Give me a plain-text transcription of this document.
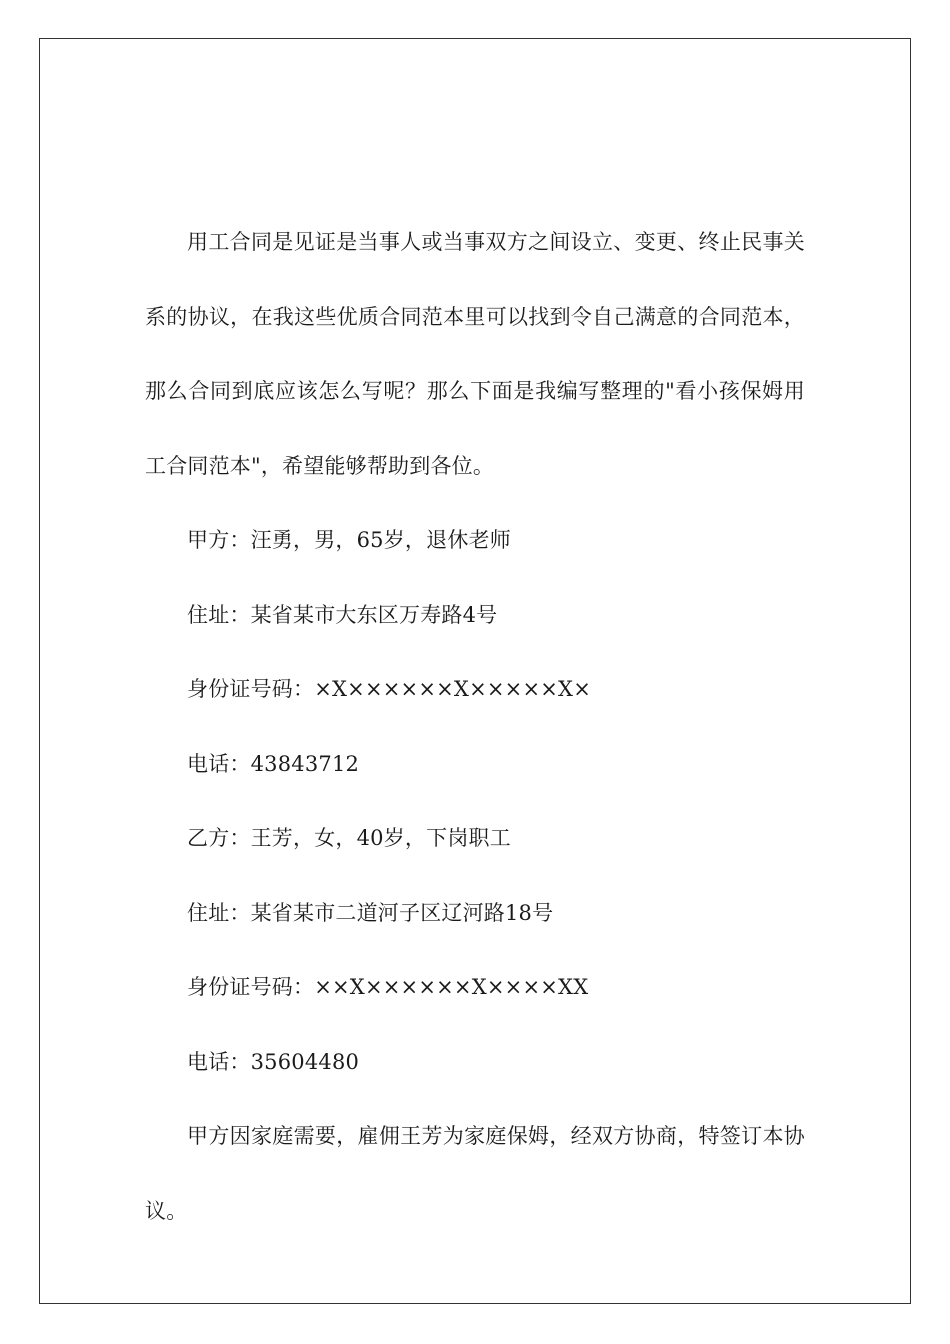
用工合同是见证是当事人或当事双方之间设立、变更、终止民事关系的协议，在我这些优质合同范本里可以找到令自己满意的合同范本，那么合同到底应该怎么写呢？那么下面是我编写整理的"看小孩保姆用工合同范本"，希望能够帮助到各位。

甲方：汪勇，男，65岁，退休老师

住址：某省某市大东区万寿路4号

身份证号码：×X××××××X×××××X×

电话：43843712

乙方：王芳，女，40岁，下岗职工

住址：某省某市二道河子区辽河路18号

身份证号码：××X××××××X××××XX

电话：35604480

甲方因家庭需要，雇佣王芳为家庭保姆，经双方协商，特签订本协议。
